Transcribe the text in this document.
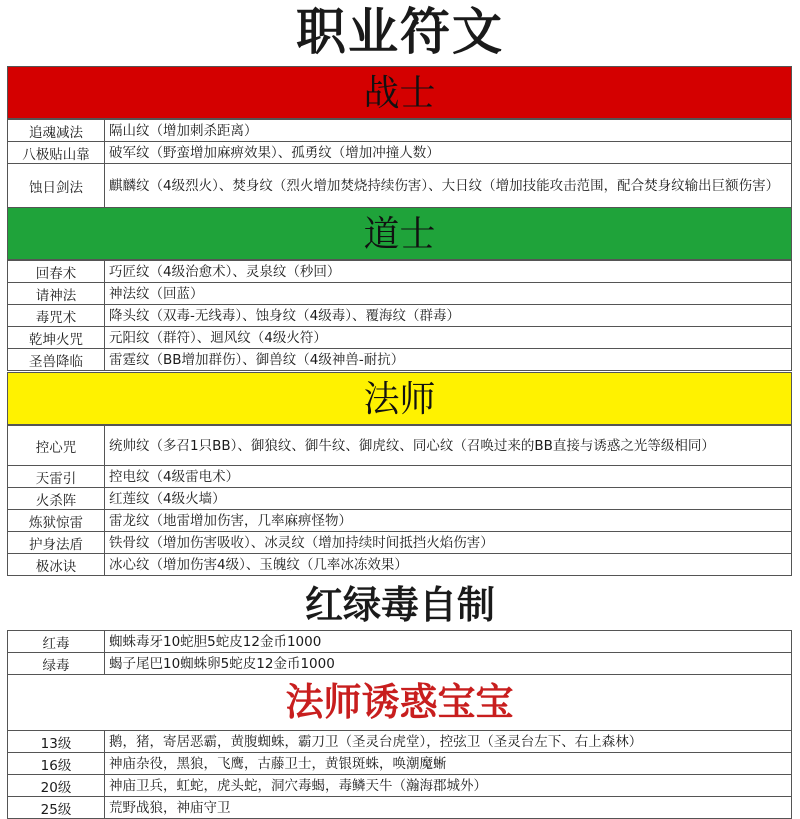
职业符文
战士
追魂减法	隔山纹（增加刺杀距离）
八极贴山靠	破军纹（野蛮增加麻痹效果）、孤勇纹（增加冲撞人数）
蚀日剑法	麒麟纹（4级烈火）、焚身纹（烈火增加焚烧持续伤害）、大日纹（增加技能攻击范围，配合焚身纹输出巨额伤害）
道士
回春术	巧匠纹（4级治愈术）、灵泉纹（秒回）
请神法	神法纹（回蓝）
毒咒术	降头纹（双毒-无线毒）、蚀身纹（4级毒）、覆海纹（群毒）
乾坤火咒	元阳纹（群符）、迴风纹（4级火符）
圣兽降临	雷霆纹（BB增加群伤）、御兽纹（4级神兽-耐抗）
法师
控心咒	统帅纹（多召1只BB）、御狼纹、御牛纹、御虎纹、同心纹（召唤过来的BB直接与诱惑之光等级相同）
天雷引	控电纹（4级雷电术）
火杀阵	红莲纹（4级火墙）
炼狱惊雷	雷龙纹（地雷增加伤害，几率麻痹怪物）
护身法盾	铁骨纹（增加伤害吸收）、冰灵纹（增加持续时间抵挡火焰伤害）
极冰诀	冰心纹（增加伤害4级）、玉魄纹（几率冰冻效果）
红绿毒自制
红毒	蜘蛛毒牙10蛇胆5蛇皮12金币1000
绿毒	蝎子尾巴10蜘蛛卵5蛇皮12金币1000
法师诱惑宝宝
13级	鹅，猪，寄居恶霸，黄腹蜘蛛，霸刀卫（圣灵台虎堂），控弦卫（圣灵台左下、右上森林）
16级	神庙杂役，黑狼，飞鹰，古藤卫士，黄银斑蛛，唤潮魔蜥
20级	神庙卫兵，虹蛇，虎头蛇，洞穴毒蝎，毒鳞天牛（瀚海郡城外）
25级	荒野战狼，神庙守卫
